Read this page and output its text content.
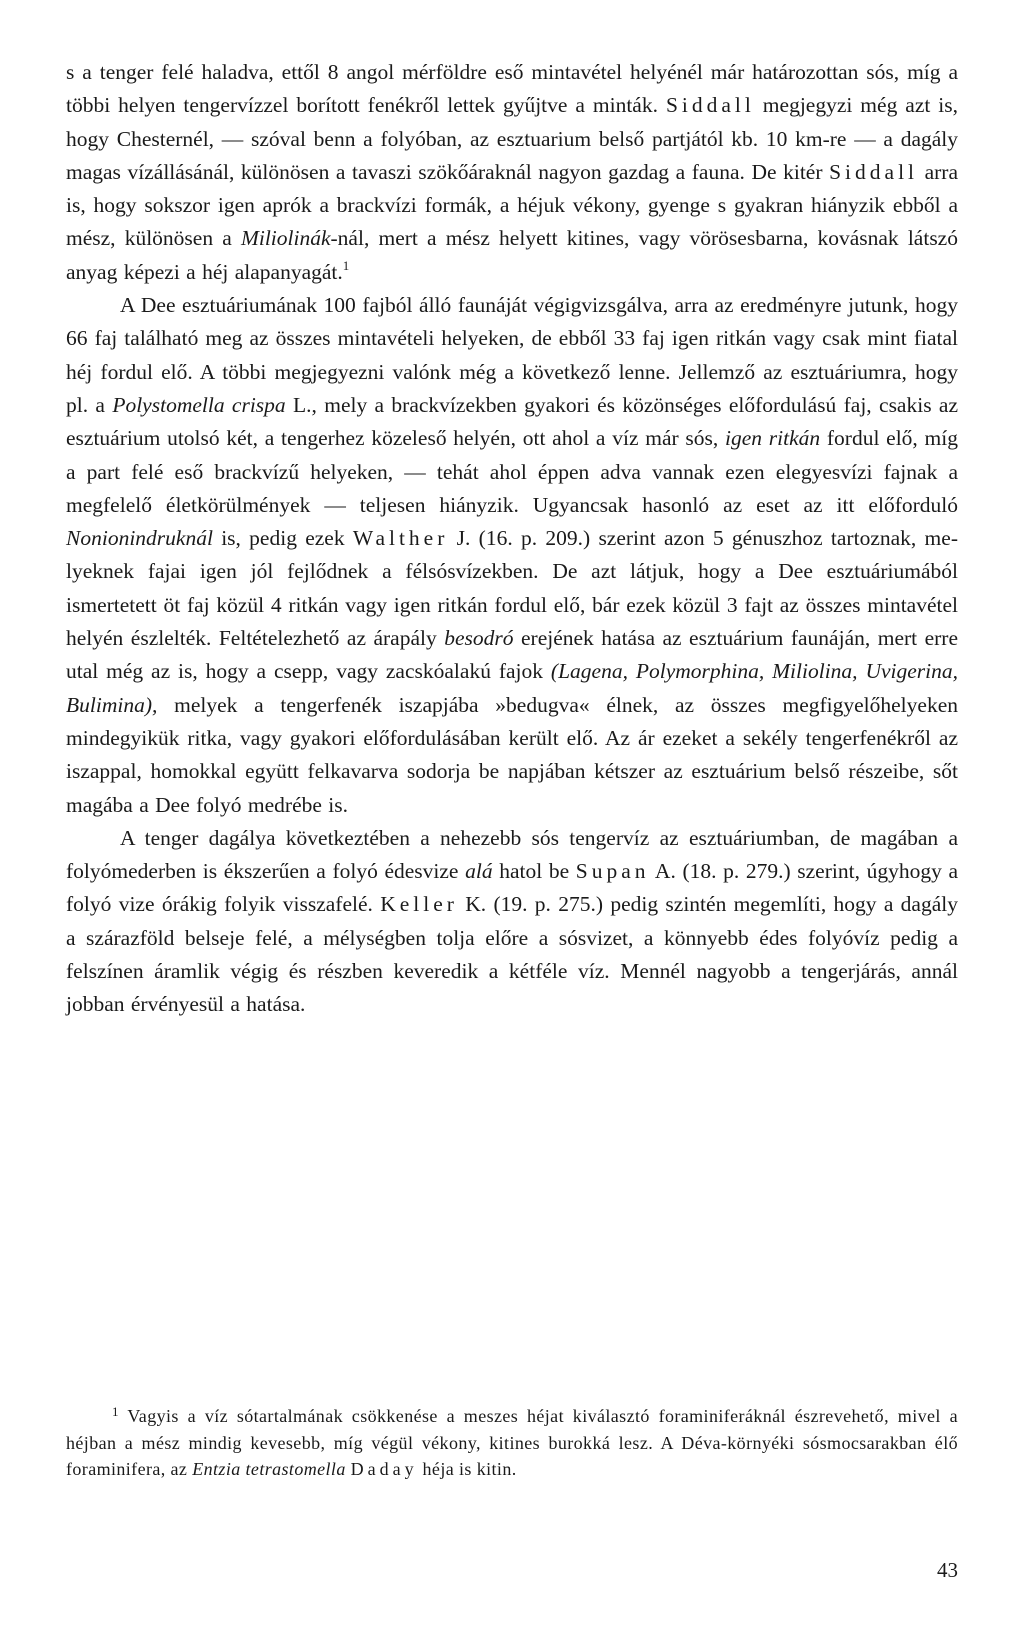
s a tenger felé haladva, ettől 8 angol mérföldre eső mintavétel helyénél már határozottan sós, míg a többi helyen tengervízzel borított fenékről lettek gyűjtve a minták. Siddall megjegyzi még azt is, hogy Chesternél, — szóval benn a folyóban, az esztuarium belső partjától kb. 10 km-re — a dagály magas vízállásánál, különösen a tavaszi szökőáraknál nagyon gazdag a fauna. De kitér Siddall arra is, hogy sokszor igen aprók a brackvízi formák, a héjuk vékony, gyenge s gyakran hiányzik ebből a mész, különösen a Miliolinák-nál, mert a mész helyett kitines, vagy vörösesbarna, kovásnak látszó anyag képezi a héj alapanyagát.$^1$

A Dee esztuáriumának 100 fajból álló faunáját végigvizsgálva, arra az eredményre jutunk, hogy 66 faj található meg az összes mintavételi helyeken, de ebből 33 faj igen ritkán vagy csak mint fiatal héj fordul elő. A többi megjegyezni valónk még a következő lenne. Jellemző az esztuáriumra, hogy pl. a Polystomella crispa L., mely a brackvízekben gyakori és közönséges előfordulású faj, csakis az esztuárium utolsó két, a tengerhez közeleső helyén, ott ahol a víz már sós, igen ritkán fordul elő, míg a part felé eső brackvízű helyeken, — tehát ahol éppen adva vannak ezen elegyesvízi fajnak a megfelelő életkörülmények — teljesen hiányzik. Ugyancsak hasonló az eset az itt előforduló Nonionindruknál is, pedig ezek Walther J. (16. p. 209.) szerint azon 5 génuszhoz tartoznak, melyeknek fajai igen jól fejlődnek a félsósvízekben. De azt látjuk, hogy a Dee esztuáriumából ismertetett öt faj közül 4 ritkán vagy igen ritkán fordul elő, bár ezek közül 3 fajt az összes mintavétel helyén észlelték. Feltételezhető az árapály besodró erejének hatása az esztuárium faunáján, mert erre utal még az is, hogy a csepp, vagy zacskóalakú fajok (Lagena, Polymorphina, Miliolina, Uvigerina, Bulimina), melyek a tengerfenék iszapjába »bedugva« élnek, az összes megfigyelőhelyeken mindegyikük ritka, vagy gyakori előfordulásában került elő. Az ár ezeket a sekély tengerfenékről az iszappal, homokkal együtt felkavarva sodorja be napjában kétszer az esztuárium belső részeibe, sőt magába a Dee folyó medrébe is.

A tenger dagálya következtében a nehezebb sós tengervíz az esztuáriumban, de magában a folyómederben is ékszerűen a folyó édesvize alá hatol be Supan A. (18. p. 279.) szerint, úgyhogy a folyó vize órákig folyik visszafelé. Keller K. (19. p. 275.) pedig szintén megemlíti, hogy a dagály a szárazföld belseje felé, a mélységben tolja előre a sósvizet, a könnyebb édes folyóvíz pedig a felszínen áramlik végig és részben keveredik a kétféle víz. Mennél nagyobb a tengerjárás, annál jobban érvényesül a hatása.

$^1$ Vagyis a víz sótartalmának csökkenése a meszes héjat kiválasztó foraminiferáknál észrevehető, mivel a héjban a mész mindig kevesebb, míg végül vékony, kitines burokká lesz. A Déva-környéki sósmocsarakban élő foraminifera, az Entzia tetrastomella Daday héja is kitin.

43
